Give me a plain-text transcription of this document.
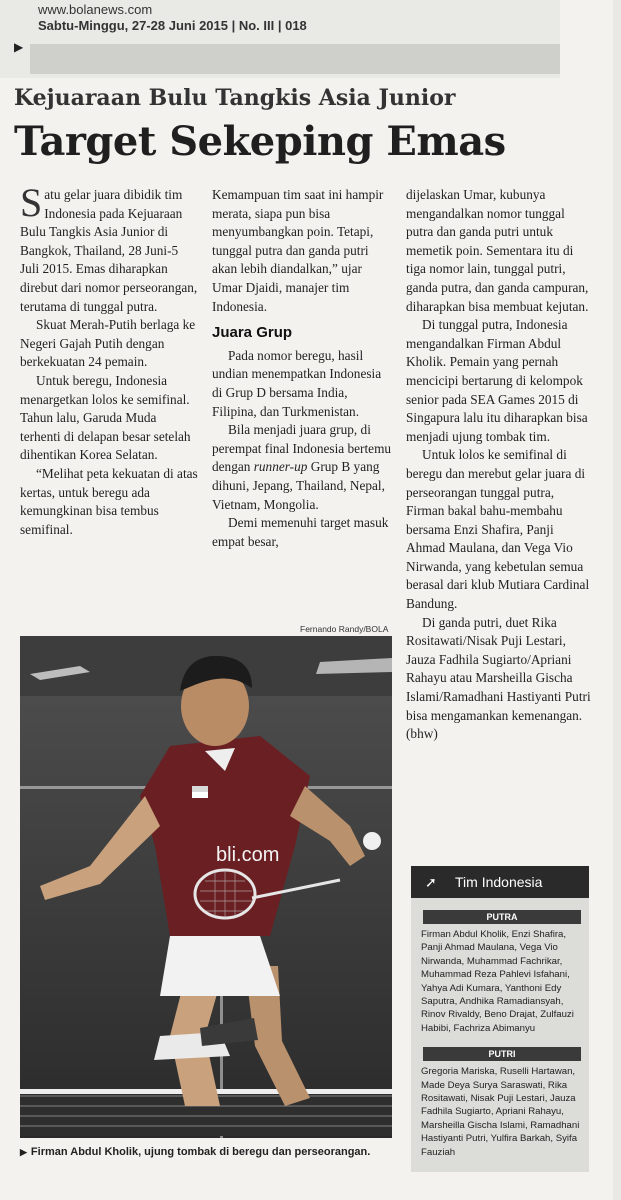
www.bolanews.com
Sabtu-Minggu, 27-28 Juni 2015 | No. III | 018
▶
Kejuaraan Bulu Tangkis Asia Junior
Target Sekeping Emas

Satu gelar juara dibidik tim Indonesia pada Kejuaraan Bulu Tangkis Asia Junior di Bangkok, Thailand, 28 Juni-5 Juli 2015. Emas diharapkan direbut dari nomor perseorangan, terutama di tunggal putra.

Skuat Merah-Putih berlaga ke Negeri Gajah Putih dengan berkekuatan 24 pemain.

Untuk beregu, Indonesia menargetkan lolos ke semifinal. Tahun lalu, Garuda Muda terhenti di delapan besar setelah dihentikan Korea Selatan.

“Melihat peta kekuatan di atas kertas, untuk beregu ada kemungkinan bisa tembus semifinal.

Kemampuan tim saat ini hampir merata, siapa pun bisa menyumbangkan poin. Tetapi, tunggal putra dan ganda putri akan lebih diandalkan,” ujar Umar Djaidi, manajer tim Indonesia.

Juara Grup

Pada nomor beregu, hasil undian menempatkan Indonesia di Grup D bersama India, Filipina, dan Turkmenistan.

Bila menjadi juara grup, di perempat final Indonesia bertemu dengan runner-up Grup B yang dihuni, Jepang, Thailand, Nepal, Vietnam, Mongolia.

Demi memenuhi target masuk empat besar,

dijelaskan Umar, kubunya mengandalkan nomor tunggal putra dan ganda putri untuk memetik poin. Sementara itu di tiga nomor lain, tunggal putri, ganda putra, dan ganda campuran, diharapkan bisa membuat kejutan.

Di tunggal putra, Indonesia mengandalkan Firman Abdul Kholik. Pemain yang pernah mencicipi bertarung di kelompok senior pada SEA Games 2015 di Singapura lalu itu diharapkan bisa menjadi ujung tombak tim.

Untuk lolos ke semifinal di beregu dan merebut gelar juara di perseorangan tunggal putra, Firman bakal bahu-membahu bersama Enzi Shafira, Panji Ahmad Maulana, dan Vega Vio Nirwanda, yang kebetulan semua berasal dari klub Mutiara Cardinal Bandung.

Di ganda putri, duet Rika Rositawati/Nisak Puji Lestari, Jauza Fadhila Sugiarto/Apriani Rahayu atau Marsheilla Gischa Islami/Ramadhani Hastiyanti Putri bisa mengamankan kemenangan. (bhw)

Fernando Randy/BOLA
bli.com
▶ Firman Abdul Kholik, ujung tombak di beregu dan perseorangan.
➚ Tim Indonesia
PUTRA
Firman Abdul Kholik, Enzi Shafira, Panji Ahmad Maulana, Vega Vio Nirwanda, Muhammad Fachrikar, Muhammad Reza Pahlevi Isfahani, Yahya Adi Kumara, Yanthoni Edy Saputra, Andhika Ramadiansyah, Rinov Rivaldy, Beno Drajat, Zulfauzi Habibi, Fachriza Abimanyu
PUTRI
Gregoria Mariska, Ruselli Hartawan, Made Deya Surya Saraswati, Rika Rositawati, Nisak Puji Lestari, Jauza Fadhila Sugiarto, Apriani Rahayu, Marsheilla Gischa Islami, Ramadhani Hastiyanti Putri, Yulfira Barkah, Syifa Fauziah
